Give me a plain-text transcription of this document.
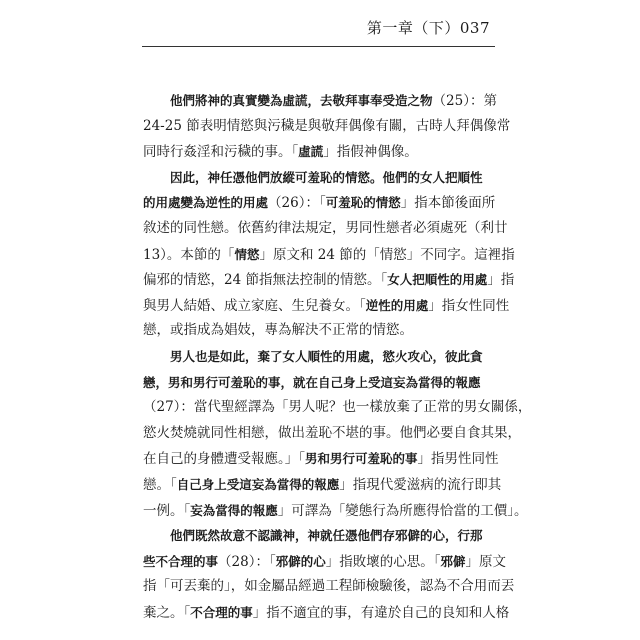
第一章（下）037
他們將神的真實變為虛謊，去敬拜事奉受造之物（25）：第
24-25 節表明情慾與污穢是與敬拜偶像有關，古時人拜偶像常
同時行姦淫和污穢的事。「虛謊」指假神偶像。
因此，神任憑他們放縱可羞恥的情慾。他們的女人把順性
的用處變為逆性的用處（26）：「可羞恥的情慾」指本節後面所
敘述的同性戀。依舊約律法規定，男同性戀者必須處死（利廿
13）。本節的「情慾」原文和 24 節的「情慾」不同字。這裡指
偏邪的情慾，24 節指無法控制的情慾。「女人把順性的用處」指
與男人結婚、成立家庭、生兒養女。「逆性的用處」指女性同性
戀，或指成為娼妓，專為解決不正常的情慾。
男人也是如此，棄了女人順性的用處，慾火攻心，彼此貪
戀，男和男行可羞恥的事，就在自己身上受這妄為當得的報應
（27）：當代聖經譯為「男人呢？也一樣放棄了正常的男女關係，
慾火焚燒就同性相戀，做出羞恥不堪的事。他們必要自食其果，
在自己的身體遭受報應。」「男和男行可羞恥的事」指男性同性
戀。「自己身上受這妄為當得的報應」指現代愛滋病的流行即其
一例。「妄為當得的報應」可譯為「變態行為所應得恰當的工價」。
他們既然故意不認識神，神就任憑他們存邪僻的心，行那
些不合理的事（28）：「邪僻的心」指敗壞的心思。「邪僻」原文
指「可丟棄的」，如金屬品經過工程師檢驗後，認為不合用而丟
棄之。「不合理的事」指不適宜的事，有違於自己的良知和人格
